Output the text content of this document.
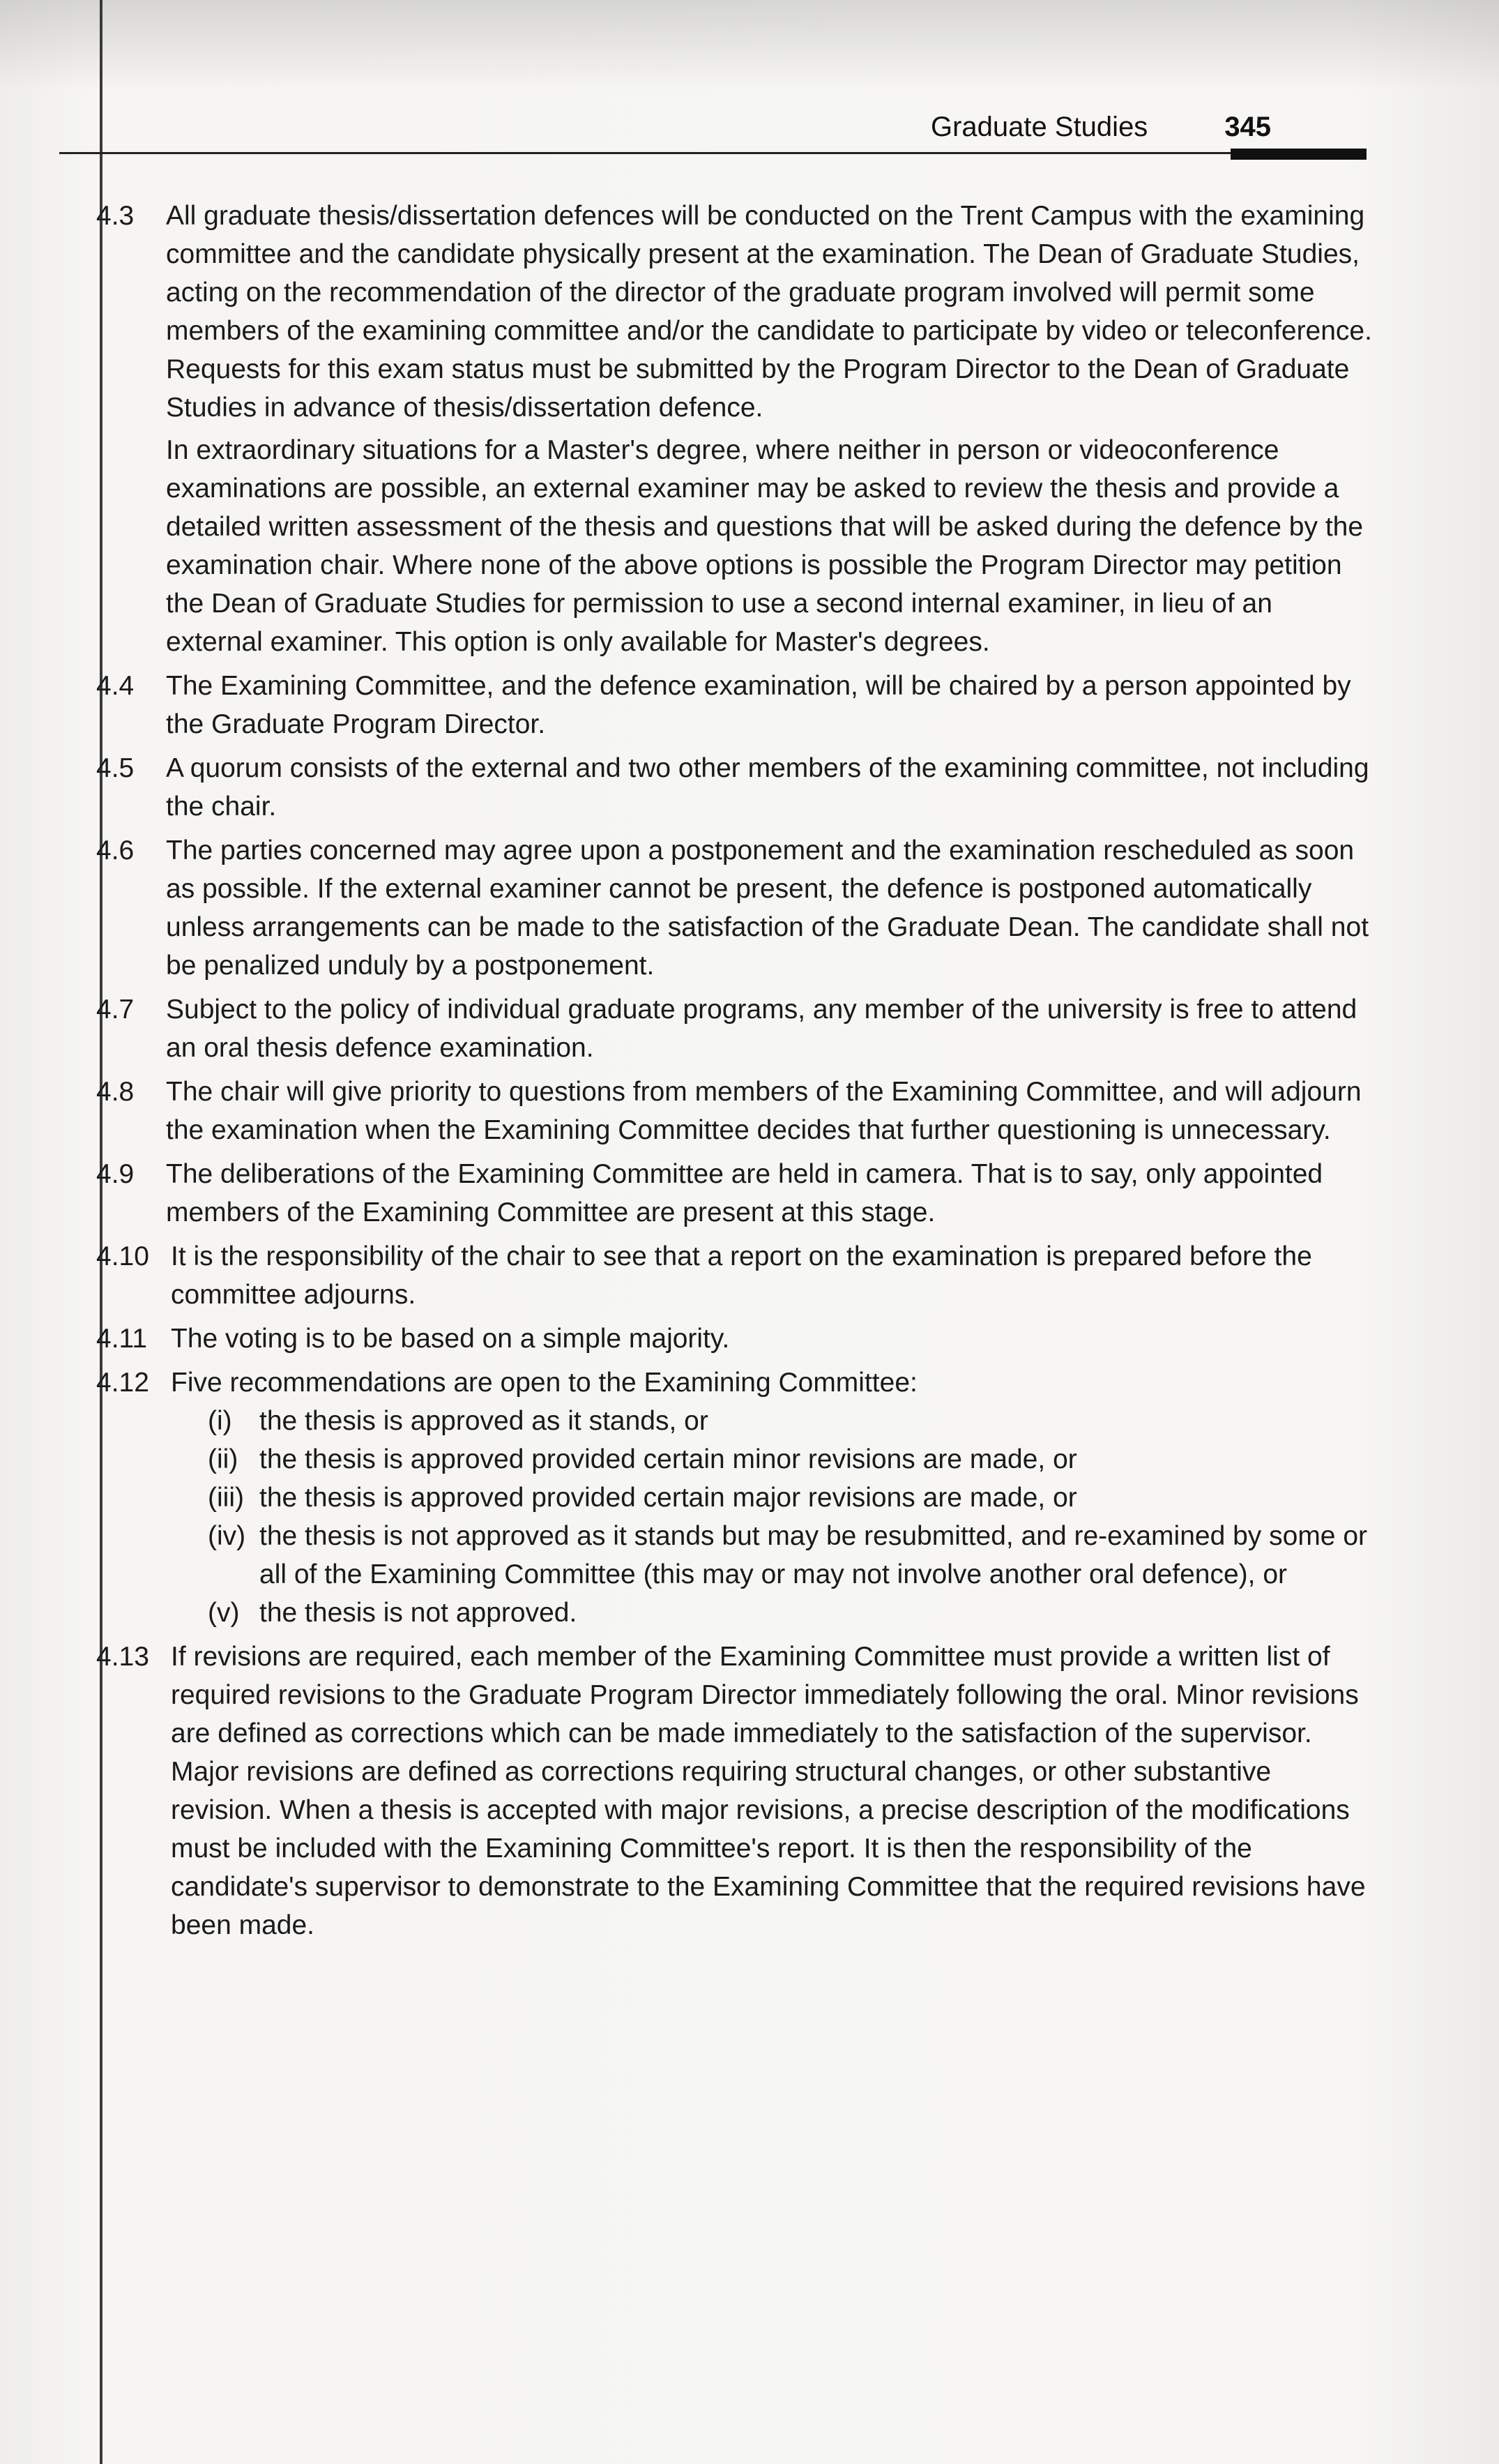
Graduate Studies	345
4.3 All graduate thesis/dissertation defences will be conducted on the Trent Campus with the examining committee and the candidate physically present at the examination. The Dean of Graduate Studies, acting on the recommendation of the director of the graduate program involved will permit some members of the examining committee and/or the candidate to participate by video or teleconference. Requests for this exam status must be submitted by the Program Director to the Dean of Graduate Studies in advance of thesis/dissertation defence.
In extraordinary situations for a Master's degree, where neither in person or videoconference examinations are possible, an external examiner may be asked to review the thesis and provide a detailed written assessment of the thesis and questions that will be asked during the defence by the examination chair. Where none of the above options is possible the Program Director may petition the Dean of Graduate Studies for permission to use a second internal examiner, in lieu of an external examiner. This option is only available for Master's degrees.
4.4 The Examining Committee, and the defence examination, will be chaired by a person appointed by the Graduate Program Director.
4.5 A quorum consists of the external and two other members of the examining committee, not including the chair.
4.6 The parties concerned may agree upon a postponement and the examination rescheduled as soon as possible. If the external examiner cannot be present, the defence is postponed automatically unless arrangements can be made to the satisfaction of the Graduate Dean. The candidate shall not be penalized unduly by a postponement.
4.7 Subject to the policy of individual graduate programs, any member of the university is free to attend an oral thesis defence examination.
4.8 The chair will give priority to questions from members of the Examining Committee, and will adjourn the examination when the Examining Committee decides that further questioning is unnecessary.
4.9 The deliberations of the Examining Committee are held in camera. That is to say, only appointed members of the Examining Committee are present at this stage.
4.10 It is the responsibility of the chair to see that a report on the examination is prepared before the committee adjourns.
4.11 The voting is to be based on a simple majority.
4.12 Five recommendations are open to the Examining Committee:
(i) the thesis is approved as it stands, or
(ii) the thesis is approved provided certain minor revisions are made, or
(iii) the thesis is approved provided certain major revisions are made, or
(iv) the thesis is not approved as it stands but may be resubmitted, and re-examined by some or all of the Examining Committee (this may or may not involve another oral defence), or
(v) the thesis is not approved.
4.13 If revisions are required, each member of the Examining Committee must provide a written list of required revisions to the Graduate Program Director immediately following the oral. Minor revisions are defined as corrections which can be made immediately to the satisfaction of the supervisor. Major revisions are defined as corrections requiring structural changes, or other substantive revision. When a thesis is accepted with major revisions, a precise description of the modifications must be included with the Examining Committee's report. It is then the responsibility of the candidate's supervisor to demonstrate to the Examining Committee that the required revisions have been made.
